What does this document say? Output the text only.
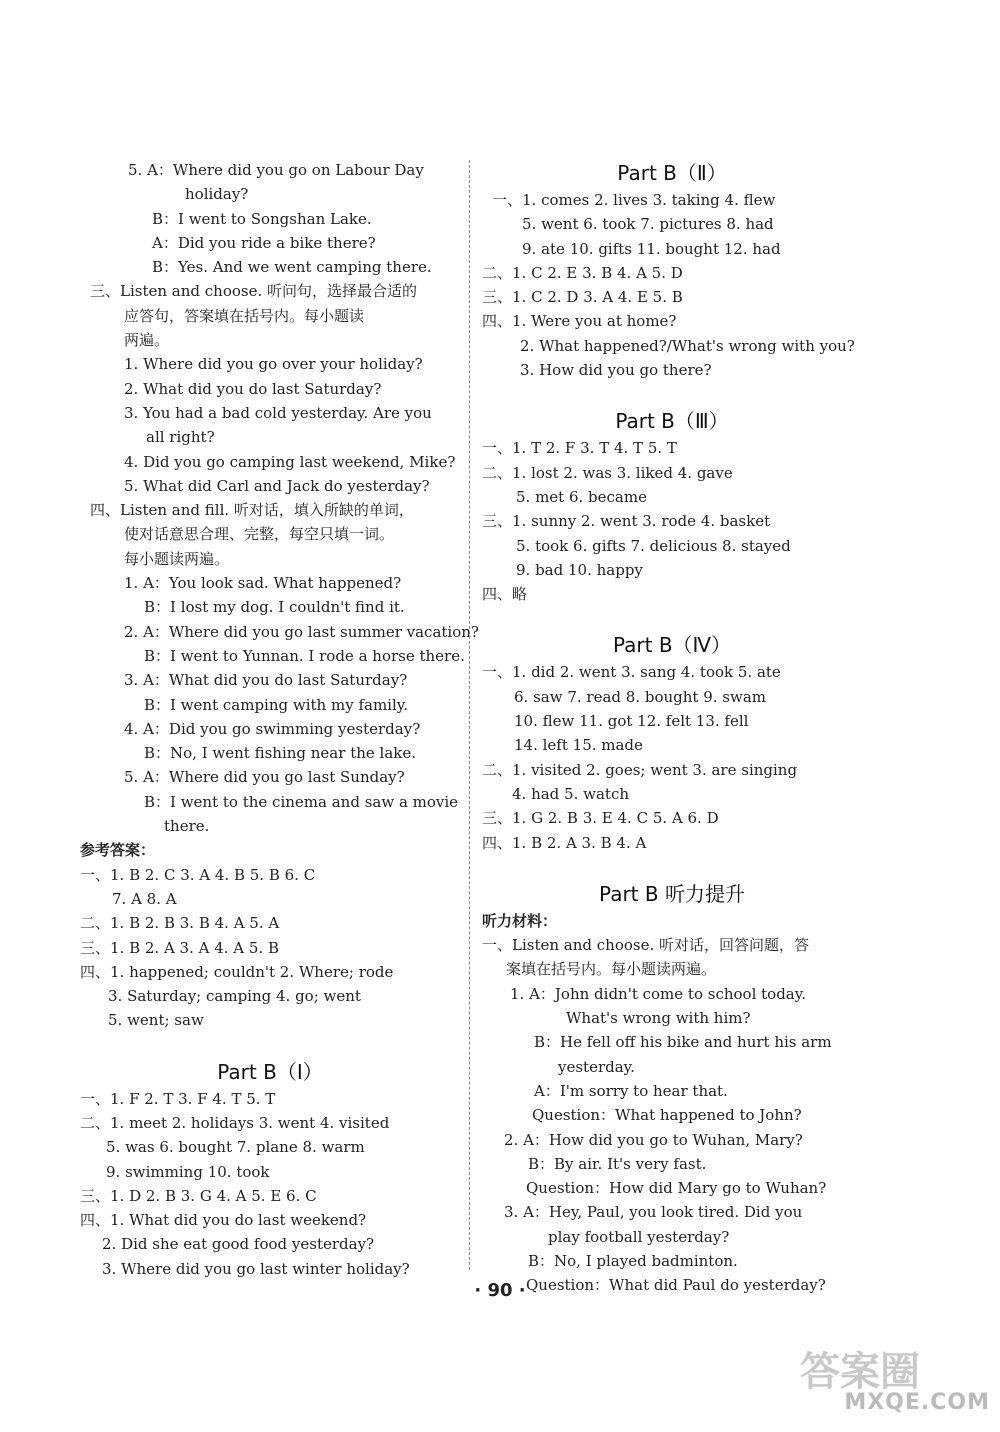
5. A：Where did you go on Labour Day
holiday?
B：I went to Songshan Lake.
A：Did you ride a bike there?
B：Yes. And we went camping there.
三、Listen and choose. 听问句，选择最合适的
应答句，答案填在括号内。每小题读
两遍。
1. Where did you go over your holiday?
2. What did you do last Saturday?
3. You had a bad cold yesterday. Are you
all right?
4. Did you go camping last weekend, Mike?
5. What did Carl and Jack do yesterday?
四、Listen and fill. 听对话，填入所缺的单词，
使对话意思合理、完整，每空只填一词。
每小题读两遍。
1. A：You look sad. What happened?
B：I lost my dog. I couldn't find it.
2. A：Where did you go last summer vacation?
B：I went to Yunnan. I rode a horse there.
3. A：What did you do last Saturday?
B：I went camping with my family.
4. A：Did you go swimming yesterday?
B：No, I went fishing near the lake.
5. A：Where did you go last Sunday?
B：I went to the cinema and saw a movie
there.
参考答案：
一、1. B 2. C 3. A 4. B 5. B 6. C
7. A 8. A
二、1. B 2. B 3. B 4. A 5. A
三、1. B 2. A 3. A 4. A 5. B
四、1. happened; couldn't 2. Where; rode
3. Saturday; camping 4. go; went
5. went; saw
Part B（Ⅰ）
一、1. F 2. T 3. F 4. T 5. T
二、1. meet 2. holidays 3. went 4. visited
5. was 6. bought 7. plane 8. warm
9. swimming 10. took
三、1. D 2. B 3. G 4. A 5. E 6. C
四、1. What did you do last weekend?
2. Did she eat good food yesterday?
3. Where did you go last winter holiday?
Part B（Ⅱ）
一、1. comes 2. lives 3. taking 4. flew
5. went 6. took 7. pictures 8. had
9. ate 10. gifts 11. bought 12. had
二、1. C 2. E 3. B 4. A 5. D
三、1. C 2. D 3. A 4. E 5. B
四、1. Were you at home?
2. What happened?/What's wrong with you?
3. How did you go there?
Part B（Ⅲ）
一、1. T 2. F 3. T 4. T 5. T
二、1. lost 2. was 3. liked 4. gave
5. met 6. became
三、1. sunny 2. went 3. rode 4. basket
5. took 6. gifts 7. delicious 8. stayed
9. bad 10. happy
四、略
Part B（Ⅳ）
一、1. did 2. went 3. sang 4. took 5. ate
6. saw 7. read 8. bought 9. swam
10. flew 11. got 12. felt 13. fell
14. left 15. made
二、1. visited 2. goes; went 3. are singing
4. had 5. watch
三、1. G 2. B 3. E 4. C 5. A 6. D
四、1. B 2. A 3. B 4. A
Part B 听力提升
听力材料：
一、Listen and choose. 听对话，回答问题，答
案填在括号内。每小题读两遍。
1. A：John didn't come to school today.
What's wrong with him?
B：He fell off his bike and hurt his arm
yesterday.
A：I'm sorry to hear that.
Question：What happened to John?
2. A：How did you go to Wuhan, Mary?
B：By air. It's very fast.
Question：How did Mary go to Wuhan?
3. A：Hey, Paul, you look tired. Did you
play football yesterday?
B：No, I played badminton.
Question：What did Paul do yesterday?
· 90 ·
答案圈
MXQE.COM
